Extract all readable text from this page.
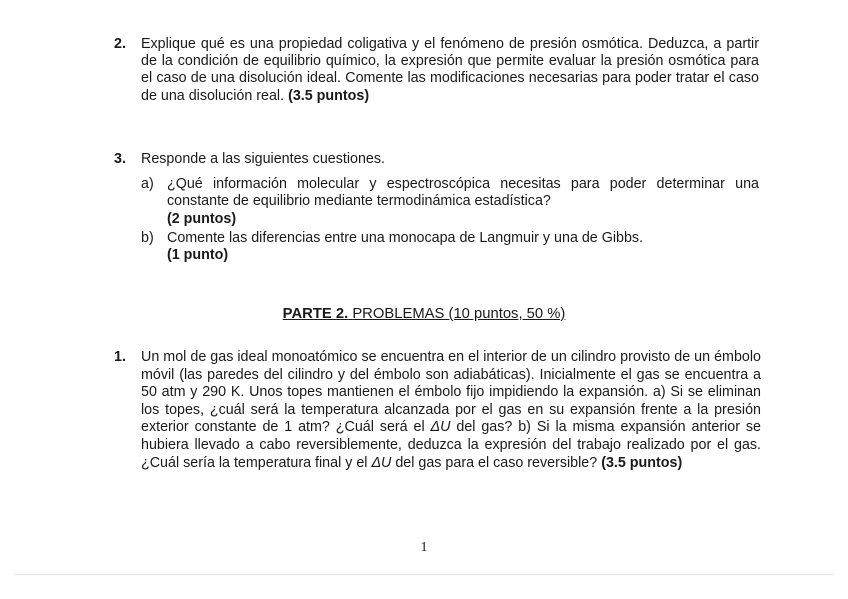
2. Explique qué es una propiedad coligativa y el fenómeno de presión osmótica. Deduzca, a partir de la condición de equilibrio químico, la expresión que permite evaluar la presión osmótica para el caso de una disolución ideal. Comente las modificaciones necesarias para poder tratar el caso de una disolución real. (3.5 puntos)
3. Responde a las siguientes cuestiones.
a) ¿Qué información molecular y espectroscópica necesitas para poder determinar una constante de equilibrio mediante termodinámica estadística?
(2 puntos)
b) Comente las diferencias entre una monocapa de Langmuir y una de Gibbs.
(1 punto)
PARTE 2. PROBLEMAS (10 puntos, 50 %)
1. Un mol de gas ideal monoatómico se encuentra en el interior de un cilindro provisto de un émbolo móvil (las paredes del cilindro y del émbolo son adiabáticas). Inicialmente el gas se encuentra a 50 atm y 290 K. Unos topes mantienen el émbolo fijo impidiendo la expansión. a) Si se eliminan los topes, ¿cuál será la temperatura alcanzada por el gas en su expansión frente a la presión exterior constante de 1 atm? ¿Cuál será el ΔU del gas? b) Si la misma expansión anterior se hubiera llevado a cabo reversiblemente, deduzca la expresión del trabajo realizado por el gas. ¿Cuál sería la temperatura final y el ΔU del gas para el caso reversible? (3.5 puntos)
1
